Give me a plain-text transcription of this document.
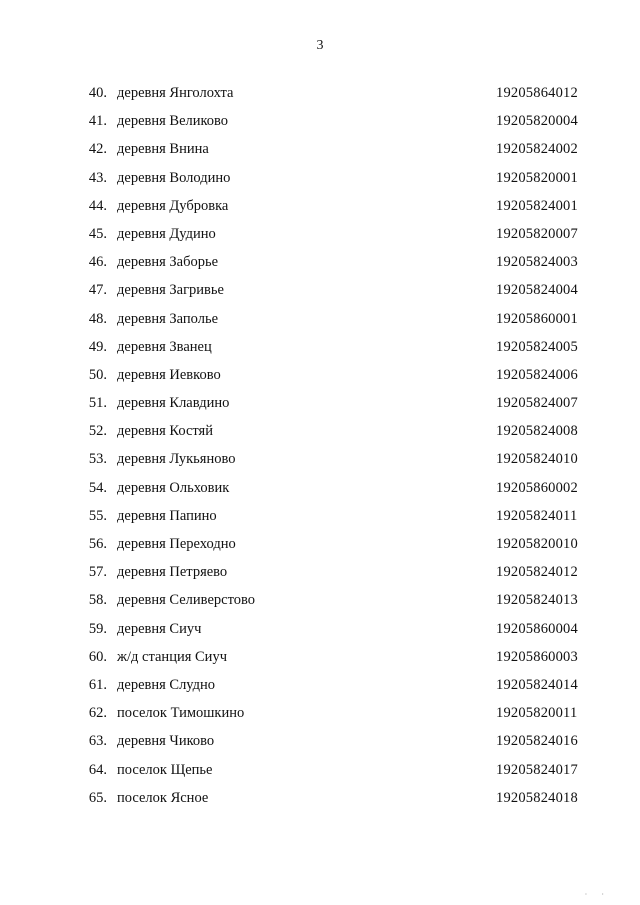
3
40. деревня Янголохта	19205864012
41. деревня Великово	19205820004
42. деревня Внина	19205824002
43. деревня Володино	19205820001
44. деревня Дубровка	19205824001
45. деревня Дудино	19205820007
46. деревня Заборье	19205824003
47. деревня Загривье	19205824004
48. деревня Заполье	19205860001
49. деревня Званец	19205824005
50. деревня Иевково	19205824006
51. деревня Клавдино	19205824007
52. деревня Костяй	19205824008
53. деревня Лукьяново	19205824010
54. деревня Ольховик	19205860002
55. деревня Папино	19205824011
56. деревня Переходно	19205820010
57. деревня Петряево	19205824012
58. деревня Селиверстово	19205824013
59. деревня Сиуч	19205860004
60. ж/д станция Сиуч	19205860003
61. деревня Слудно	19205824014
62. поселок Тимошкино	19205820011
63. деревня Чиково	19205824016
64. поселок Щепье	19205824017
65. поселок Ясное	19205824018
· ·
